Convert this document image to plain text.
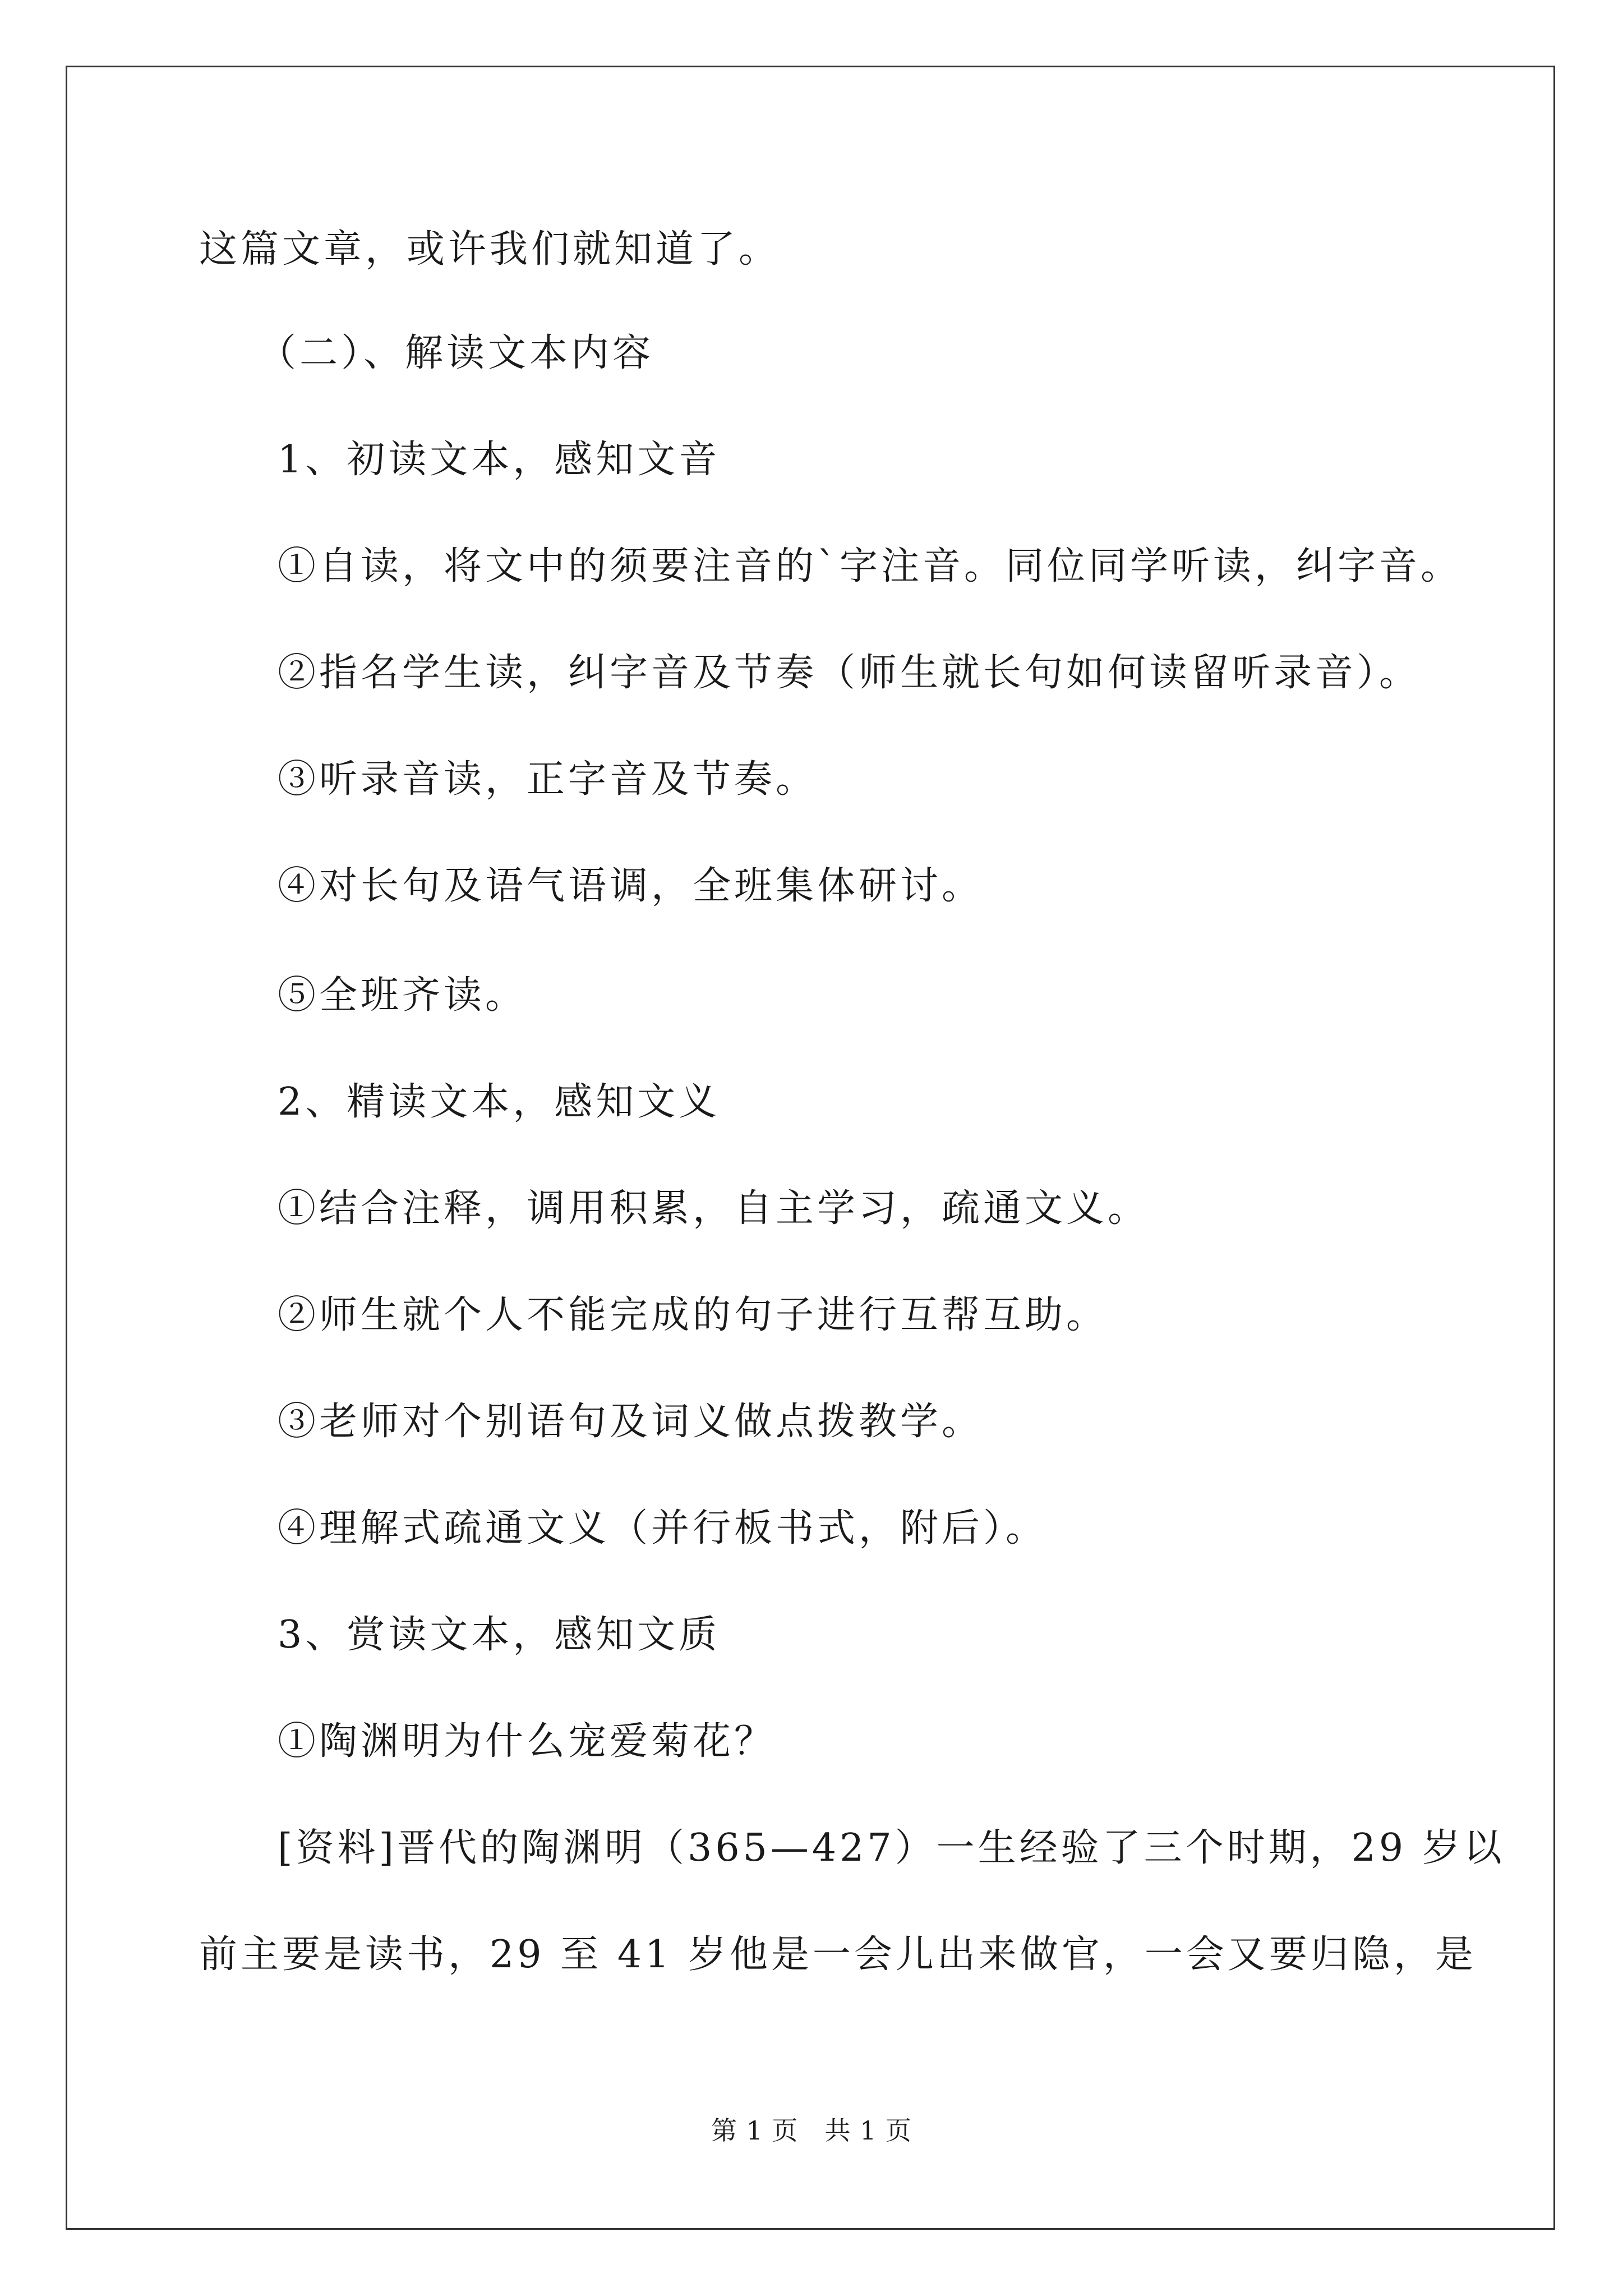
这篇文章，或许我们就知道了。
（二）、解读文本内容
1、初读文本，感知文音
①自读，将文中的须要注音的`字注音。同位同学听读，纠字音。
②指名学生读，纠字音及节奏（师生就长句如何读留听录音）。
③听录音读，正字音及节奏。
④对长句及语气语调，全班集体研讨。
⑤全班齐读。
2、精读文本，感知文义
①结合注释，调用积累，自主学习，疏通文义。
②师生就个人不能完成的句子进行互帮互助。
③老师对个别语句及词义做点拨教学。
④理解式疏通文义（并行板书式，附后）。
3、赏读文本，感知文质
①陶渊明为什么宠爱菊花？
[资料]晋代的陶渊明（365—427）一生经验了三个时期，29 岁以
前主要是读书，29 至 41 岁他是一会儿出来做官，一会又要归隐，是
第 1 页　共 1 页
